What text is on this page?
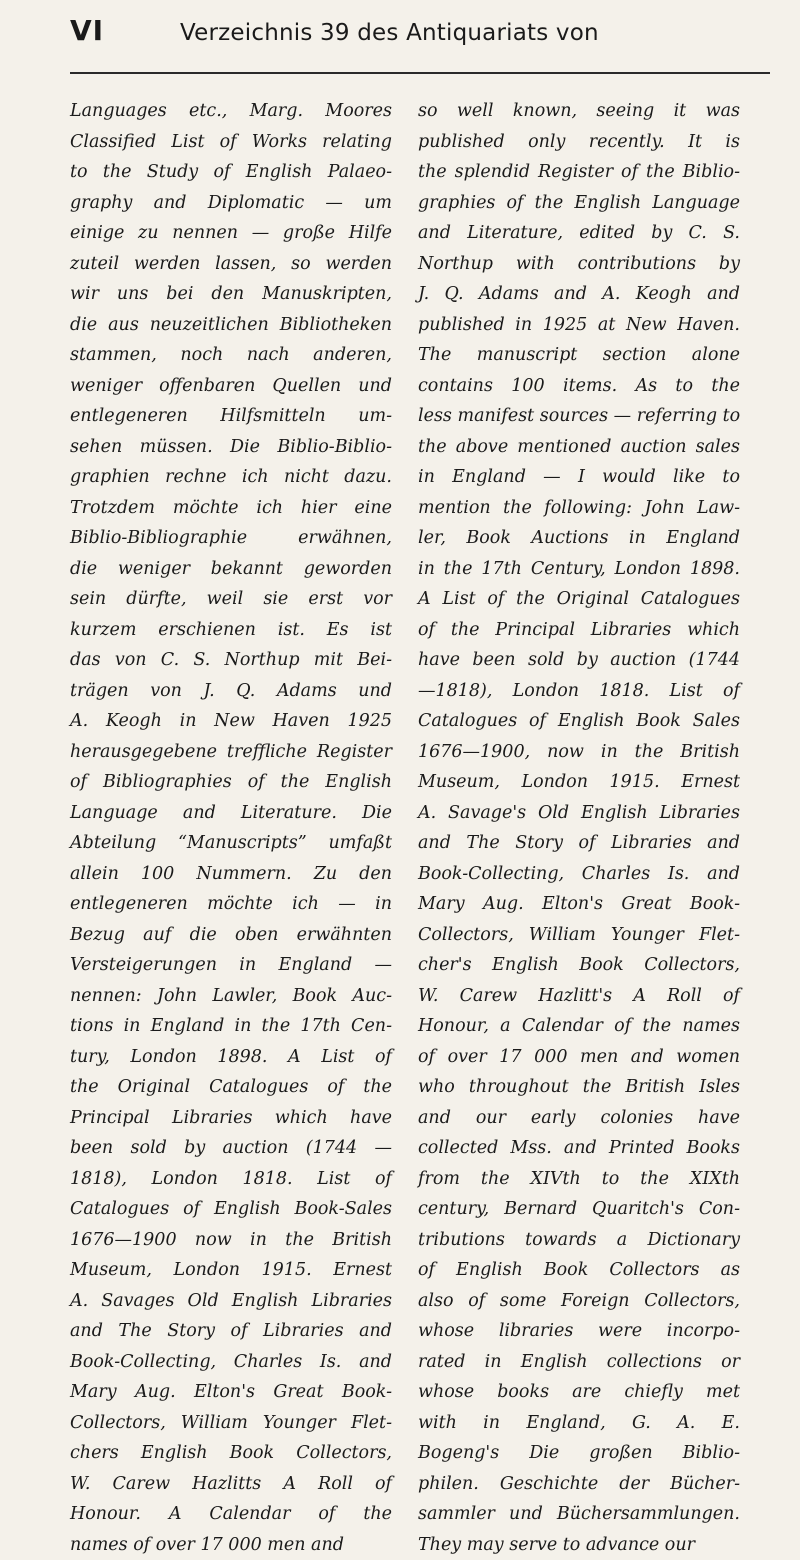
VI	Verzeichnis 39 des Antiquariats von
Languages etc., Marg. Moores
Classified List of Works relating
to the Study of English Palaeo-
graphy and Diplomatic — um
einige zu nennen — große Hilfe
zuteil werden lassen, so werden
wir uns bei den Manuskripten,
die aus neuzeitlichen Bibliotheken
stammen, noch nach anderen,
weniger offenbaren Quellen und
entlegeneren Hilfsmitteln um-
sehen müssen. Die Biblio-Biblio-
graphien rechne ich nicht dazu.
Trotzdem möchte ich hier eine
Biblio-Bibliographie erwähnen,
die weniger bekannt geworden
sein dürfte, weil sie erst vor
kurzem erschienen ist. Es ist
das von C. S. Northup mit Bei-
trägen von J. Q. Adams und
A. Keogh in New Haven 1925
herausgegebene treffliche Register
of Bibliographies of the English
Language and Literature. Die
Abteilung “Manuscripts” umfaßt
allein 100 Nummern. Zu den
entlegeneren möchte ich — in
Bezug auf die oben erwähnten
Versteigerungen in England —
nennen: John Lawler, Book Auc-
tions in England in the 17th Cen-
tury, London 1898. A List of
the Original Catalogues of the
Principal Libraries which have
been sold by auction (1744 —
1818), London 1818. List of
Catalogues of English Book-Sales
1676—1900 now in the British
Museum, London 1915. Ernest
A. Savages Old English Libraries
and The Story of Libraries and
Book-Collecting, Charles Is. and
Mary Aug. Elton's Great Book-
Collectors, William Younger Flet-
chers English Book Collectors,
W. Carew Hazlitts A Roll of
Honour. A Calendar of the
names of over 17 000 men and
so well known, seeing it was
published only recently. It is
the splendid Register of the Biblio-
graphies of the English Language
and Literature, edited by C. S.
Northup with contributions by
J. Q. Adams and A. Keogh and
published in 1925 at New Haven.
The manuscript section alone
contains 100 items. As to the
less manifest sources — referring to
the above mentioned auction sales
in England — I would like to
mention the following: John Law-
ler, Book Auctions in England
in the 17th Century, London 1898.
A List of the Original Catalogues
of the Principal Libraries which
have been sold by auction (1744
—1818), London 1818. List of
Catalogues of English Book Sales
1676—1900, now in the British
Museum, London 1915. Ernest
A. Savage's Old English Libraries
and The Story of Libraries and
Book-Collecting, Charles Is. and
Mary Aug. Elton's Great Book-
Collectors, William Younger Flet-
cher's English Book Collectors,
W. Carew Hazlitt's A Roll of
Honour, a Calendar of the names
of over 17 000 men and women
who throughout the British Isles
and our early colonies have
collected Mss. and Printed Books
from the XIVth to the XIXth
century, Bernard Quaritch's Con-
tributions towards a Dictionary
of English Book Collectors as
also of some Foreign Collectors,
whose libraries were incorpo-
rated in English collections or
whose books are chiefly met
with in England, G. A. E.
Bogeng's Die großen Biblio-
philen. Geschichte der Bücher-
sammler und Büchersammlungen.
They may serve to advance our
